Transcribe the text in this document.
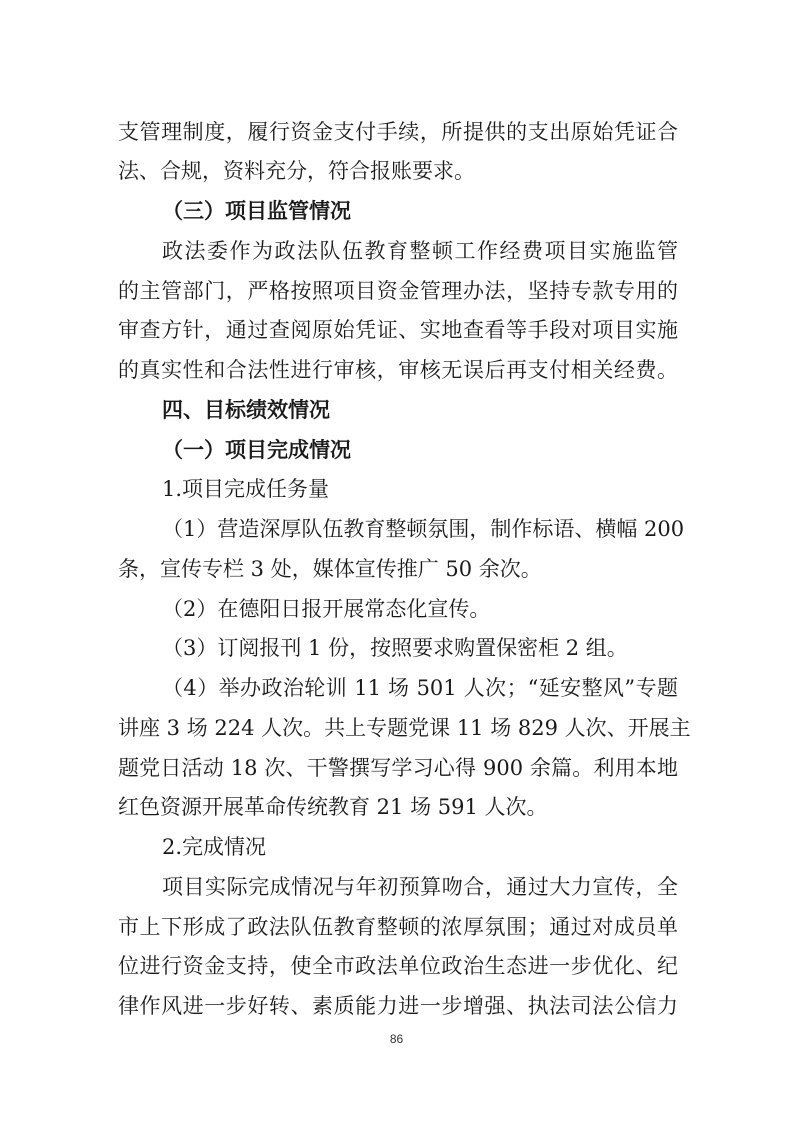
支管理制度，履行资金支付手续，所提供的支出原始凭证合
法、合规，资料充分，符合报账要求。
（三）项目监管情况
政法委作为政法队伍教育整顿工作经费项目实施监管
的主管部门，严格按照项目资金管理办法，坚持专款专用的
审查方针，通过查阅原始凭证、实地查看等手段对项目实施
的真实性和合法性进行审核，审核无误后再支付相关经费。
四、目标绩效情况
（一）项目完成情况
1.项目完成任务量
（1）营造深厚队伍教育整顿氛围，制作标语、横幅 200
条，宣传专栏 3 处，媒体宣传推广 50 余次。
（2）在德阳日报开展常态化宣传。
（3）订阅报刊 1 份，按照要求购置保密柜 2 组。
（4）举办政治轮训 11 场 501 人次；“延安整风”专题
讲座 3 场 224 人次。共上专题党课 11 场 829 人次、开展主
题党日活动 18 次、干警撰写学习心得 900 余篇。利用本地
红色资源开展革命传统教育 21 场 591 人次。
2.完成情况
项目实际完成情况与年初预算吻合，通过大力宣传，全
市上下形成了政法队伍教育整顿的浓厚氛围；通过对成员单
位进行资金支持，使全市政法单位政治生态进一步优化、纪
律作风进一步好转、素质能力进一步增强、执法司法公信力
86
